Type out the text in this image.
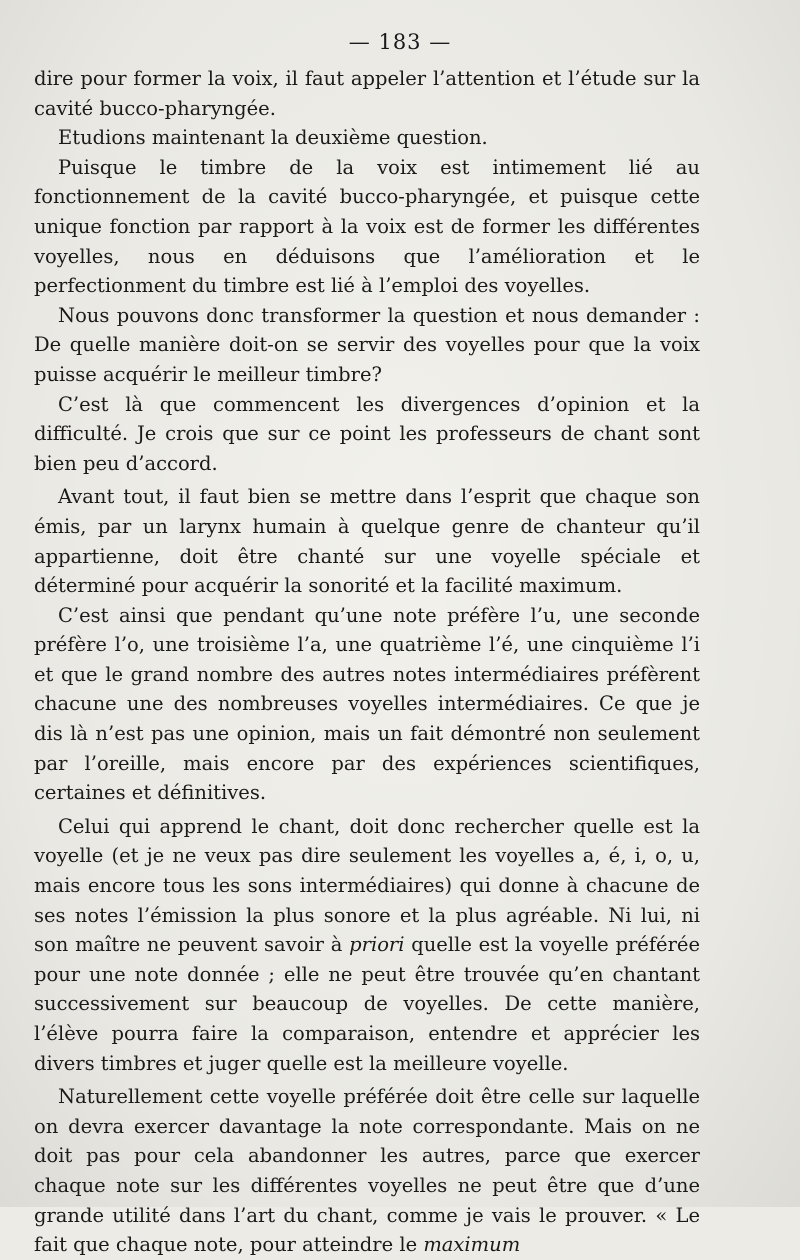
— 183 —

dire pour former la voix, il faut appeler l’attention et l’étude sur la cavité bucco-pharyngée.

Etudions maintenant la deuxième question.

Puisque le timbre de la voix est intimement lié au fonctionnement de la cavité bucco-pharyngée, et puisque cette unique fonction par rapport à la voix est de former les différentes voyelles, nous en déduisons que l’amélioration et le perfectionment du timbre est lié à l’emploi des voyelles.

Nous pouvons donc transformer la question et nous demander : De quelle manière doit-on se servir des voyelles pour que la voix puisse acquérir le meilleur timbre?

C’est là que commencent les divergences d’opinion et la difficulté. Je crois que sur ce point les professeurs de chant sont bien peu d’accord.

Avant tout, il faut bien se mettre dans l’esprit que chaque son émis, par un larynx humain à quelque genre de chanteur qu’il appartienne, doit être chanté sur une voyelle spéciale et déterminé pour acquérir la sonorité et la facilité maximum.

C’est ainsi que pendant qu’une note préfère l’u, une seconde préfère l’o, une troisième l’a, une quatrième l’é, une cinquième l’i et que le grand nombre des autres notes intermédiaires préfèrent chacune une des nombreuses voyelles intermédiaires. Ce que je dis là n’est pas une opinion, mais un fait démontré non seulement par l’oreille, mais encore par des expériences scientifiques, certaines et définitives.

Celui qui apprend le chant, doit donc rechercher quelle est la voyelle (et je ne veux pas dire seulement les voyelles a, é, i, o, u, mais encore tous les sons intermédiaires) qui donne à chacune de ses notes l’émission la plus sonore et la plus agréable. Ni lui, ni son maître ne peuvent savoir à priori quelle est la voyelle préférée pour une note donnée ; elle ne peut être trouvée qu’en chantant successivement sur beaucoup de voyelles. De cette manière, l’élève pourra faire la comparaison, entendre et apprécier les divers timbres et juger quelle est la meilleure voyelle.

Naturellement cette voyelle préférée doit être celle sur laquelle on devra exercer davantage la note correspondante. Mais on ne doit pas pour cela abandonner les autres, parce que exercer chaque note sur les différentes voyelles ne peut être que d’une grande utilité dans l’art du chant, comme je vais le prouver. « Le fait que chaque note, pour atteindre le maximum
